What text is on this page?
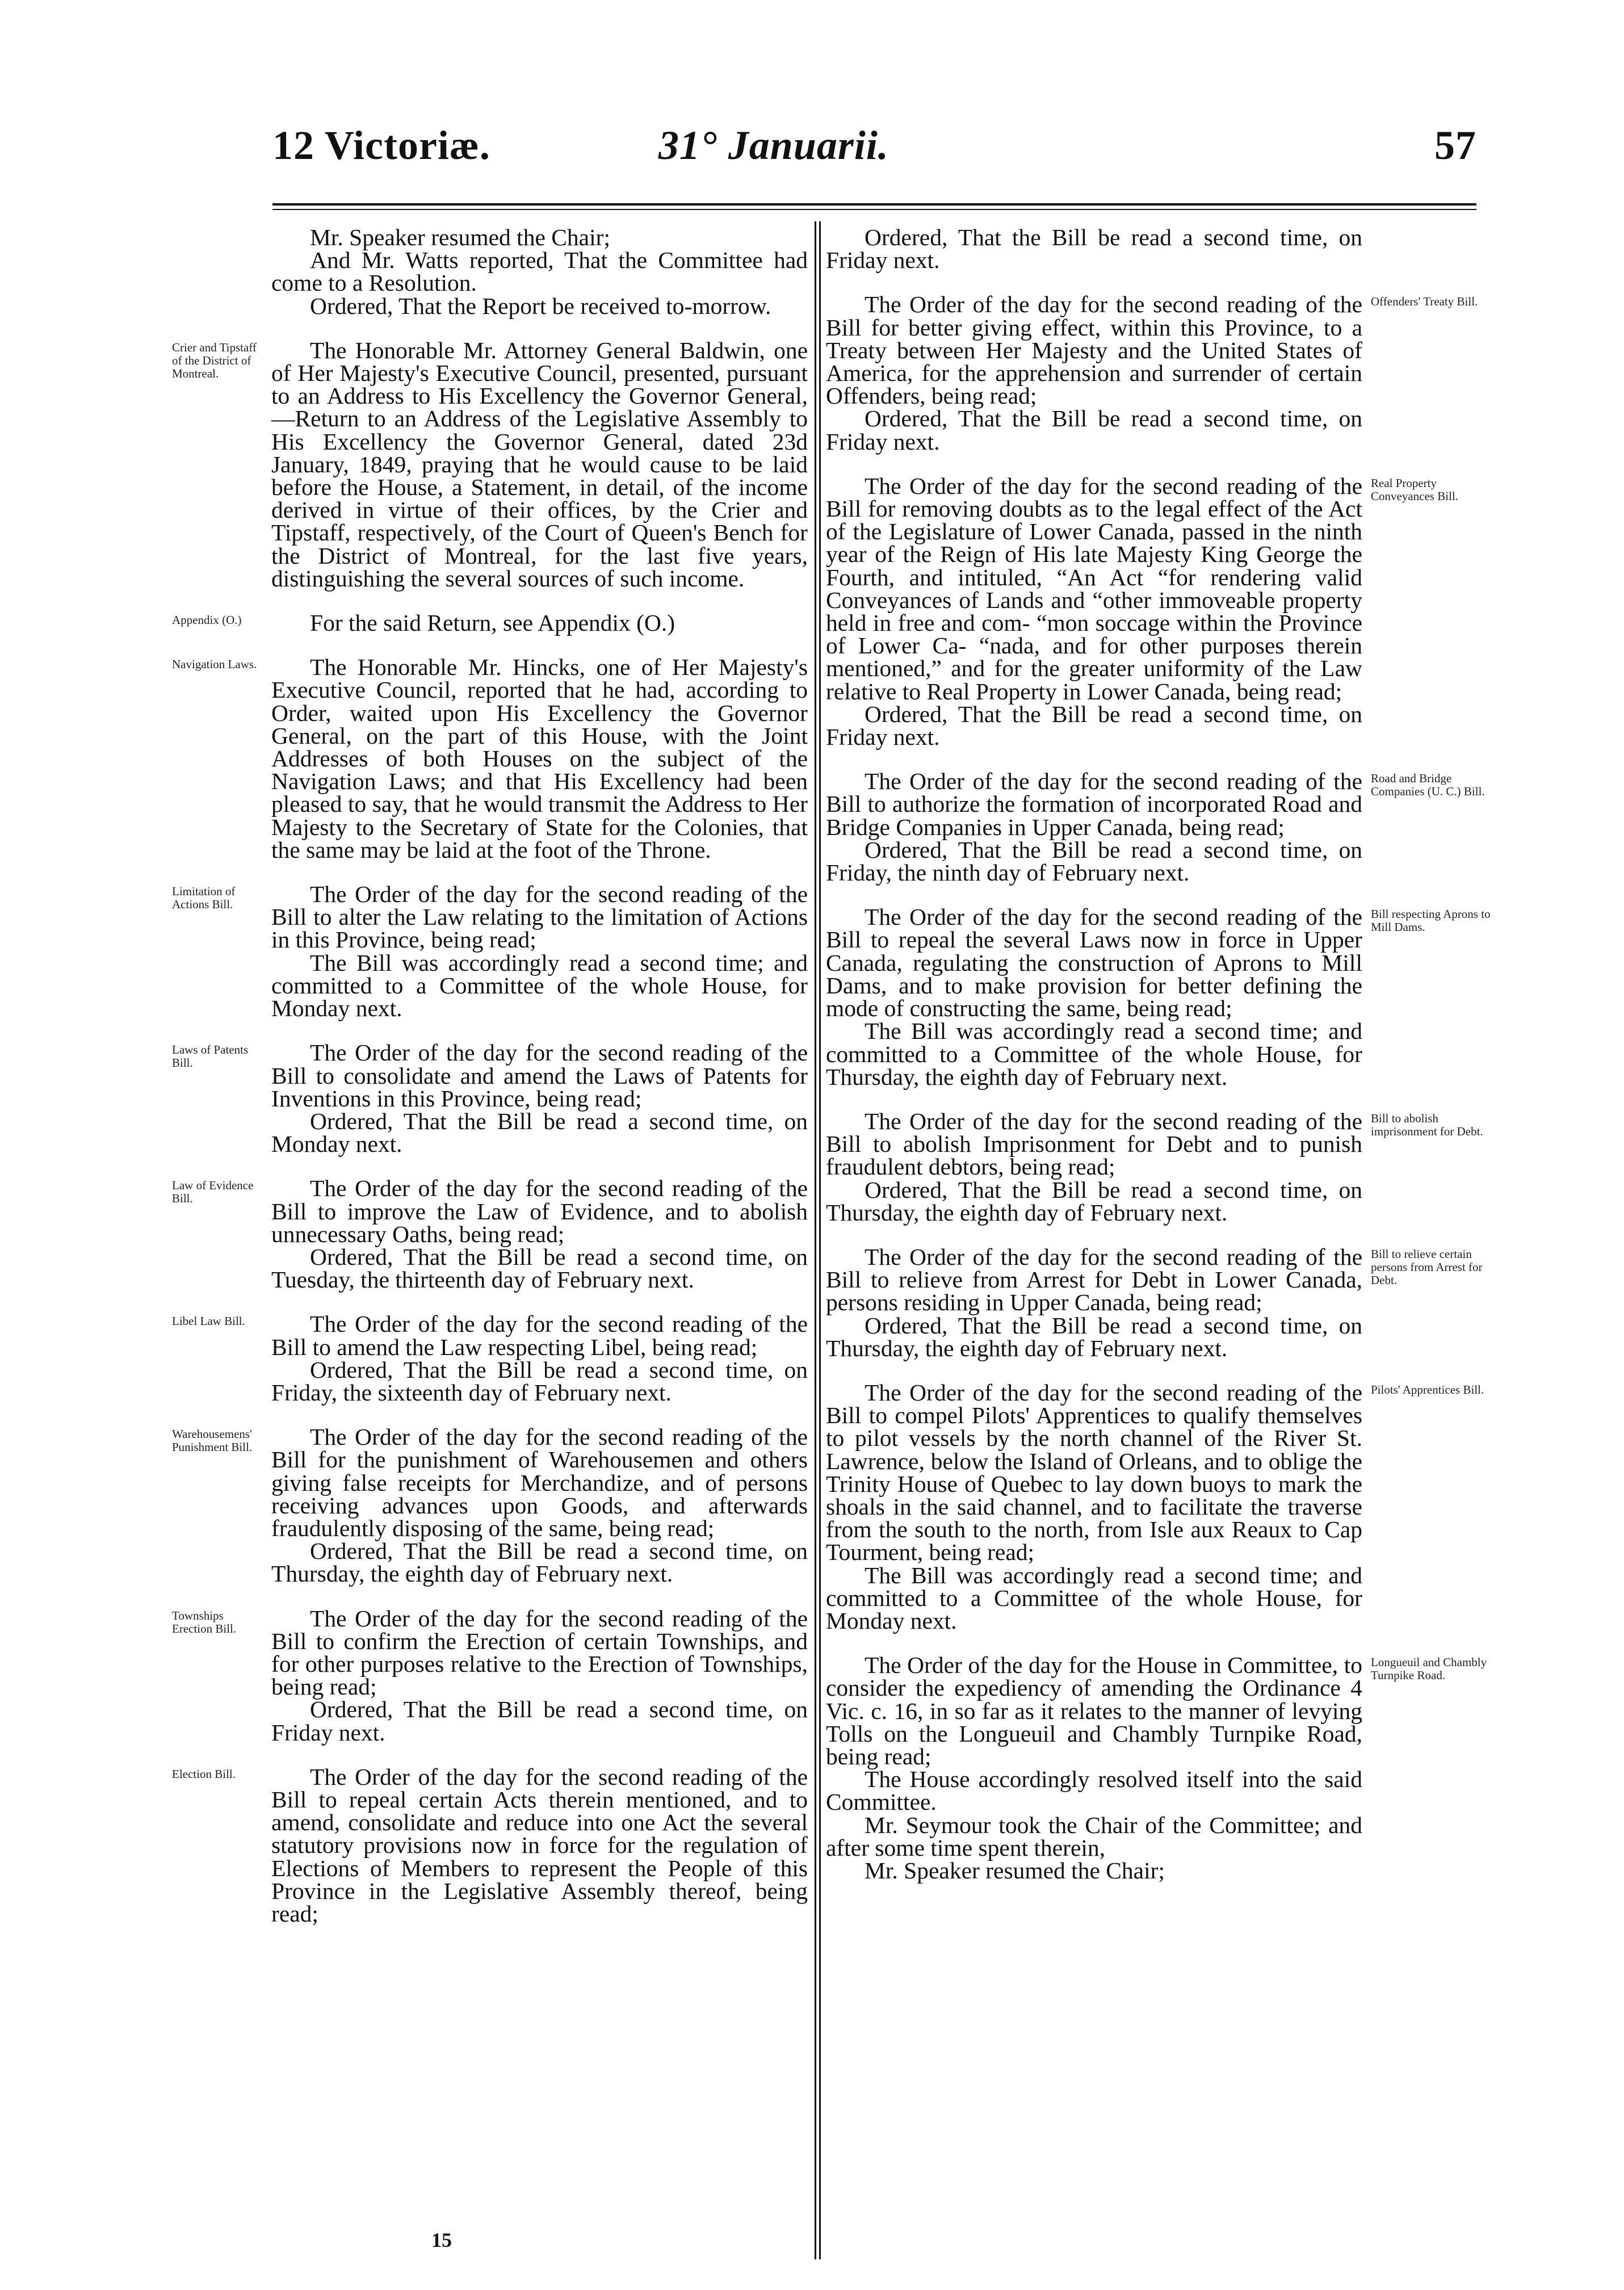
12 Victoriæ.	31° Januarii.	57

Mr. Speaker resumed the Chair;

And Mr. Watts reported, That the Committee had come to a Resolution.

Ordered, That the Report be received to-morrow.

The Honorable Mr. Attorney General Baldwin, one of Her Majesty's Executive Council, presented, pursuant to an Address to His Excellency the Governor General,—Return to an Address of the Legislative Assembly to His Excellency the Governor General, dated 23d January, 1849, praying that he would cause to be laid before the House, a Statement, in detail, of the income derived in virtue of their offices, by the Crier and Tipstaff, respectively, of the Court of Queen's Bench for the District of Montreal, for the last five years, distinguishing the several sources of such income.

Crier and Tipstaff of the District of Montreal.

For the said Return, see Appendix (O.)

Appendix (O.)

The Honorable Mr. Hincks, one of Her Majesty's Executive Council, reported that he had, according to Order, waited upon His Excellency the Governor General, on the part of this House, with the Joint Addresses of both Houses on the subject of the Navigation Laws; and that His Excellency had been pleased to say, that he would transmit the Address to Her Majesty to the Secretary of State for the Colonies, that the same may be laid at the foot of the Throne.

Navigation Laws.

The Order of the day for the second reading of the Bill to alter the Law relating to the limitation of Actions in this Province, being read;

The Bill was accordingly read a second time; and committed to a Committee of the whole House, for Monday next.

Limitation of Actions Bill.

The Order of the day for the second reading of the Bill to consolidate and amend the Laws of Patents for Inventions in this Province, being read;

Ordered, That the Bill be read a second time, on Monday next.

Laws of Patents Bill.

The Order of the day for the second reading of the Bill to improve the Law of Evidence, and to abolish unnecessary Oaths, being read;

Ordered, That the Bill be read a second time, on Tuesday, the thirteenth day of February next.

Law of Evidence Bill.

The Order of the day for the second reading of the Bill to amend the Law respecting Libel, being read;

Ordered, That the Bill be read a second time, on Friday, the sixteenth day of February next.

Libel Law Bill.

The Order of the day for the second reading of the Bill for the punishment of Warehousemen and others giving false receipts for Merchandize, and of persons receiving advances upon Goods, and afterwards fraudulently disposing of the same, being read;

Ordered, That the Bill be read a second time, on Thursday, the eighth day of February next.

Warehousemens' Punishment Bill.

The Order of the day for the second reading of the Bill to confirm the Erection of certain Townships, and for other purposes relative to the Erection of Townships, being read;

Ordered, That the Bill be read a second time, on Friday next.

Townships Erection Bill.

The Order of the day for the second reading of the Bill to repeal certain Acts therein mentioned, and to amend, consolidate and reduce into one Act the several statutory provisions now in force for the regulation of Elections of Members to represent the People of this Province in the Legislative Assembly thereof, being read;

Election Bill.

Ordered, That the Bill be read a second time, on Friday next.

The Order of the day for the second reading of the Bill for better giving effect, within this Province, to a Treaty between Her Majesty and the United States of America, for the apprehension and surrender of certain Offenders, being read;

Ordered, That the Bill be read a second time, on Friday next.

Offenders' Treaty Bill.

The Order of the day for the second reading of the Bill for removing doubts as to the legal effect of the Act of the Legislature of Lower Canada, passed in the ninth year of the Reign of His late Majesty King George the Fourth, and intituled, “An Act “for rendering valid Conveyances of Lands and “other immoveable property held in free and com- “mon soccage within the Province of Lower Ca- “nada, and for other purposes therein mentioned,” and for the greater uniformity of the Law relative to Real Property in Lower Canada, being read;

Ordered, That the Bill be read a second time, on Friday next.

Real Property Conveyances Bill.

The Order of the day for the second reading of the Bill to authorize the formation of incorporated Road and Bridge Companies in Upper Canada, being read;

Ordered, That the Bill be read a second time, on Friday, the ninth day of February next.

Road and Bridge Companies (U. C.) Bill.

The Order of the day for the second reading of the Bill to repeal the several Laws now in force in Upper Canada, regulating the construction of Aprons to Mill Dams, and to make provision for better defining the mode of constructing the same, being read;

The Bill was accordingly read a second time; and committed to a Committee of the whole House, for Thursday, the eighth day of February next.

Bill respecting Aprons to Mill Dams.

The Order of the day for the second reading of the Bill to abolish Imprisonment for Debt and to punish fraudulent debtors, being read;

Ordered, That the Bill be read a second time, on Thursday, the eighth day of February next.

Bill to abolish imprisonment for Debt.

The Order of the day for the second reading of the Bill to relieve from Arrest for Debt in Lower Canada, persons residing in Upper Canada, being read;

Ordered, That the Bill be read a second time, on Thursday, the eighth day of February next.

Bill to relieve certain persons from Arrest for Debt.

The Order of the day for the second reading of the Bill to compel Pilots' Apprentices to qualify themselves to pilot vessels by the north channel of the River St. Lawrence, below the Island of Orleans, and to oblige the Trinity House of Quebec to lay down buoys to mark the shoals in the said channel, and to facilitate the traverse from the south to the north, from Isle aux Reaux to Cap Tourment, being read;

The Bill was accordingly read a second time; and committed to a Committee of the whole House, for Monday next.

Pilots' Apprentices Bill.

The Order of the day for the House in Committee, to consider the expediency of amending the Ordinance 4 Vic. c. 16, in so far as it relates to the manner of levying Tolls on the Longueuil and Chambly Turnpike Road, being read;

The House accordingly resolved itself into the said Committee.

Mr. Seymour took the Chair of the Committee; and after some time spent therein,

Mr. Speaker resumed the Chair;

Longueuil and Chambly Turnpike Road.
15
